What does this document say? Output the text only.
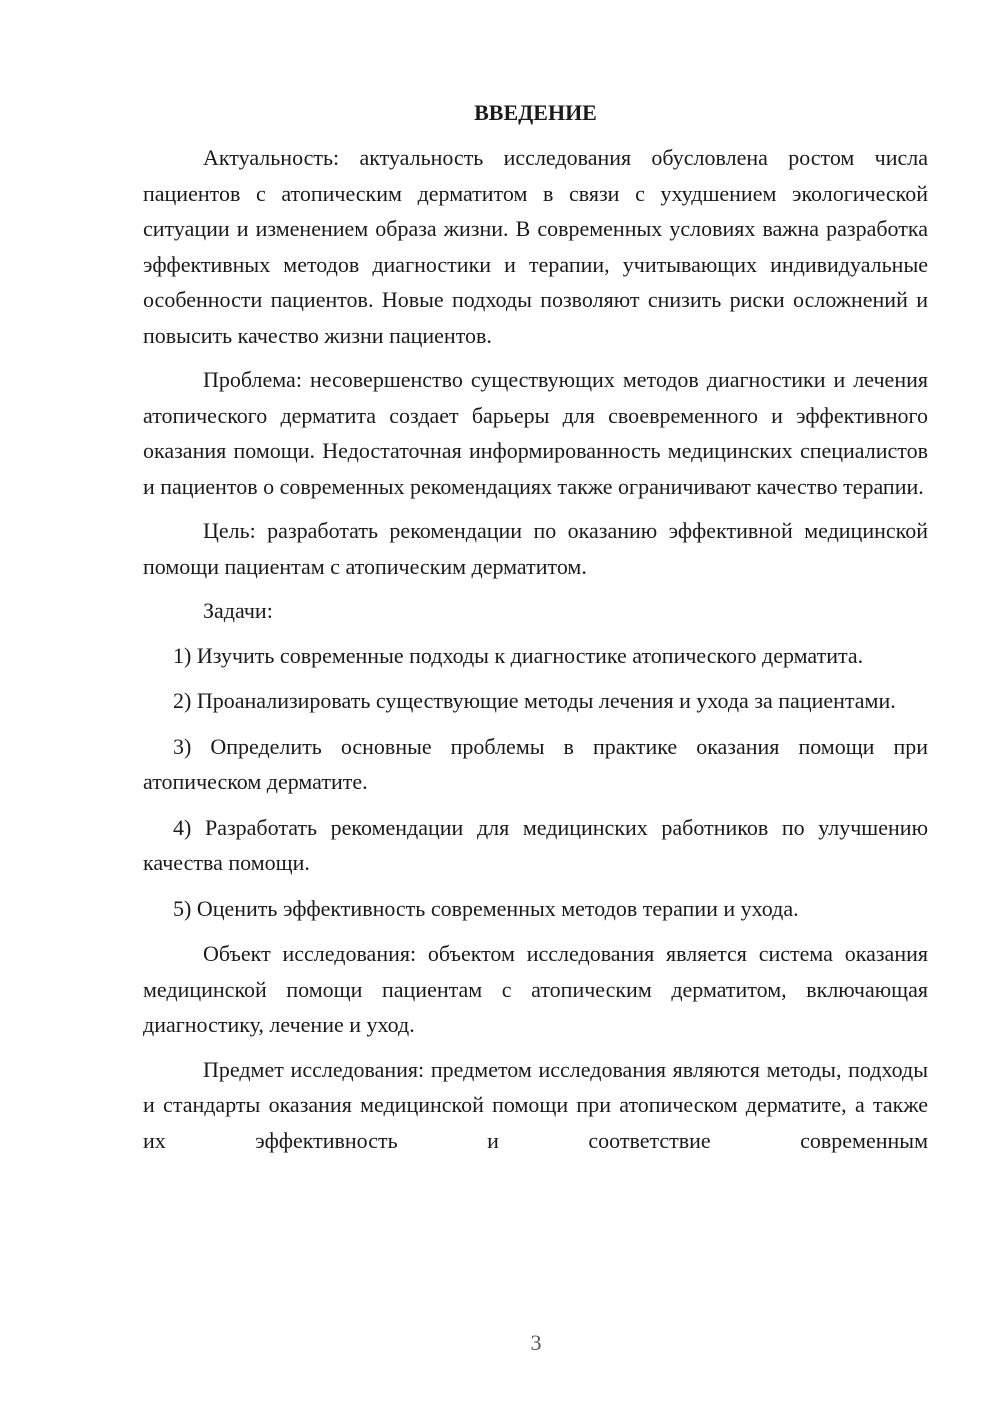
ВВЕДЕНИЕ
Актуальность: актуальность исследования обусловлена ростом числа пациентов с атопическим дерматитом в связи с ухудшением экологической ситуации и изменением образа жизни. В современных условиях важна разработка эффективных методов диагностики и терапии, учитывающих индивидуальные особенности пациентов. Новые подходы позволяют снизить риски осложнений и повысить качество жизни пациентов.
Проблема: несовершенство существующих методов диагностики и лечения атопического дерматита создает барьеры для своевременного и эффективного оказания помощи. Недостаточная информированность медицинских специалистов и пациентов о современных рекомендациях также ограничивают качество терапии.
Цель: разработать рекомендации по оказанию эффективной медицинской помощи пациентам с атопическим дерматитом.
Задачи:
1) Изучить современные подходы к диагностике атопического дерматита.
2) Проанализировать существующие методы лечения и ухода за пациентами.
3) Определить основные проблемы в практике оказания помощи при атопическом дерматите.
4) Разработать рекомендации для медицинских работников по улучшению качества помощи.
5) Оценить эффективность современных методов терапии и ухода.
Объект исследования: объектом исследования является система оказания медицинской помощи пациентам с атопическим дерматитом, включающая диагностику, лечение и уход.
Предмет исследования: предметом исследования являются методы, подходы и стандарты оказания медицинской помощи при атопическом дерматите, а также их эффективность и соответствие современным
3
